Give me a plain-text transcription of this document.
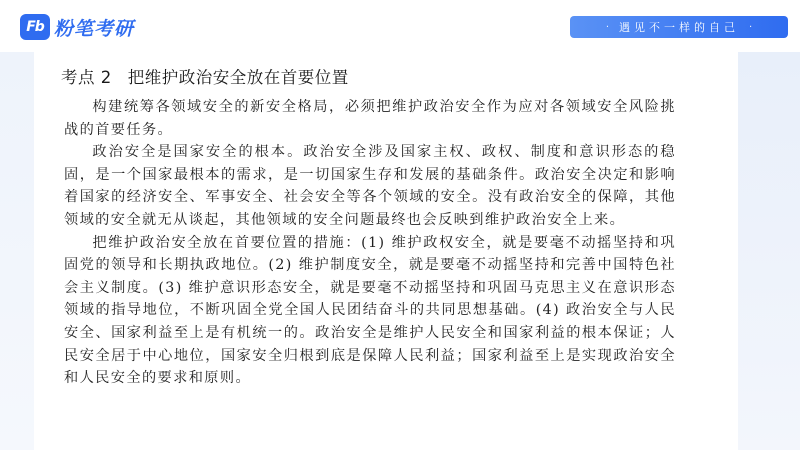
Fb 粉笔考研	· 遇见不一样的自己 ·
考点 2 把维护政治安全放在首要位置

构建统筹各领域安全的新安全格局，必须把维护政治安全作为应对各领域安全风险挑战的首要任务。

政治安全是国家安全的根本。政治安全涉及国家主权、政权、制度和意识形态的稳固，是一个国家最根本的需求，是一切国家生存和发展的基础条件。政治安全决定和影响着国家的经济安全、军事安全、社会安全等各个领域的安全。没有政治安全的保障，其他领域的安全就无从谈起，其他领域的安全问题最终也会反映到维护政治安全上来。

把维护政治安全放在首要位置的措施：(1) 维护政权安全，就是要毫不动摇坚持和巩固党的领导和长期执政地位。(2) 维护制度安全，就是要毫不动摇坚持和完善中国特色社会主义制度。(3) 维护意识形态安全，就是要毫不动摇坚持和巩固马克思主义在意识形态领域的指导地位，不断巩固全党全国人民团结奋斗的共同思想基础。(4) 政治安全与人民安全、国家利益至上是有机统一的。政治安全是维护人民安全和国家利益的根本保证；人民安全居于中心地位，国家安全归根到底是保障人民利益；国家利益至上是实现政治安全和人民安全的要求和原则。
